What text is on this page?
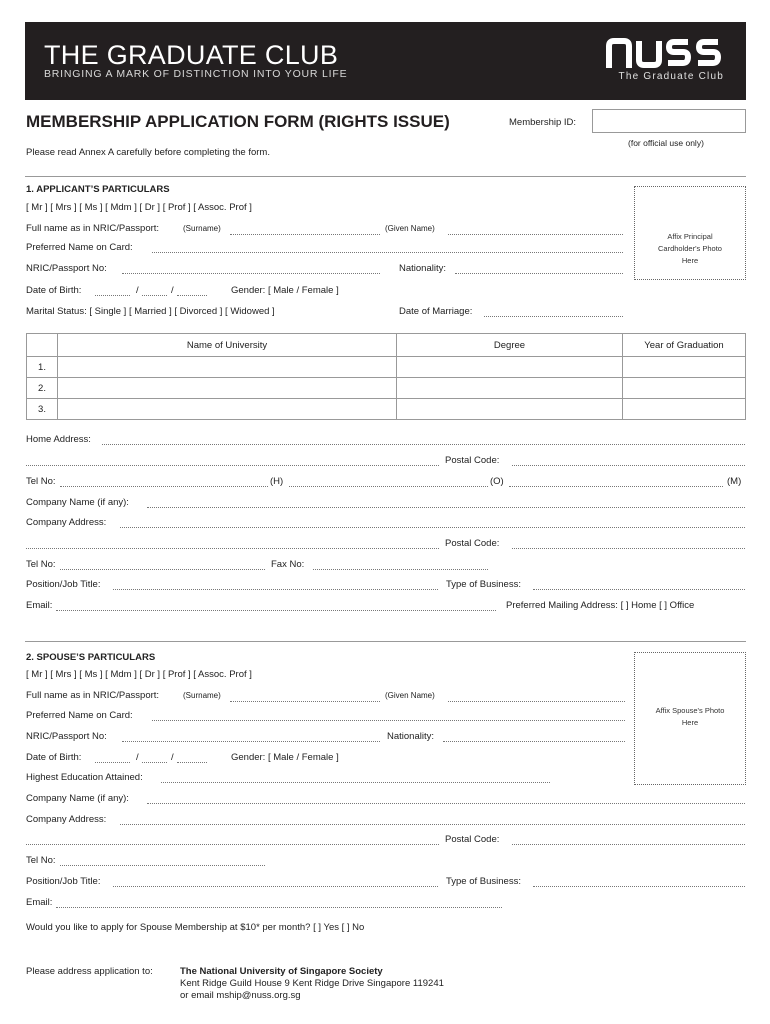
THE GRADUATE CLUB
BRINGING A MARK OF DISTINCTION INTO YOUR LIFE	The Graduate Club
MEMBERSHIP APPLICATION FORM (RIGHTS ISSUE)	Membership ID:
(for official use only)
Please read Annex A carefully before completing the form.
1. APPLICANT’S PARTICULARS
[ Mr ] [ Mrs ] [ Ms ] [ Mdm ] [ Dr ] [ Prof ] [ Assoc. Prof ]
Full name as in NRIC/Passport:	(Surname)	(Given Name)
Preferred Name on Card:
NRIC/Passport No:	Nationality:
Date of Birth:	/	/	Gender: [ Male / Female ]
Marital Status: [ Single ] [ Married ] [ Divorced ] [ Widowed ]	Date of Marriage:
Affix Principal Cardholder's Photo Here
	Name of University	Degree	Year of Graduation
1.			
2.			
3.			
Home Address:
Postal Code:
Tel No:	(H)	(O)	(M)
Company Name (if any):
Company Address:
Postal Code:
Tel No:	Fax No:
Position/Job Title:	Type of Business:
Email:	Preferred Mailing Address: [ ] Home [ ] Office
2. SPOUSE’S PARTICULARS
[ Mr ] [ Mrs ] [ Ms ] [ Mdm ] [ Dr ] [ Prof ] [ Assoc. Prof ]
Full name as in NRIC/Passport:	(Surname)	(Given Name)
Preferred Name on Card:
NRIC/Passport No:	Nationality:
Date of Birth:	/	/	Gender: [ Male / Female ]
Highest Education Attained:
Affix Spouse's Photo Here
Company Name (if any):
Company Address:
Postal Code:
Tel No:
Position/Job Title:	Type of Business:
Email:
Would you like to apply for Spouse Membership at $10* per month? [ ] Yes [ ] No
Please address application to:	The National University of Singapore Society
Kent Ridge Guild House 9 Kent Ridge Drive Singapore 119241
or email mship@nuss.org.sg
